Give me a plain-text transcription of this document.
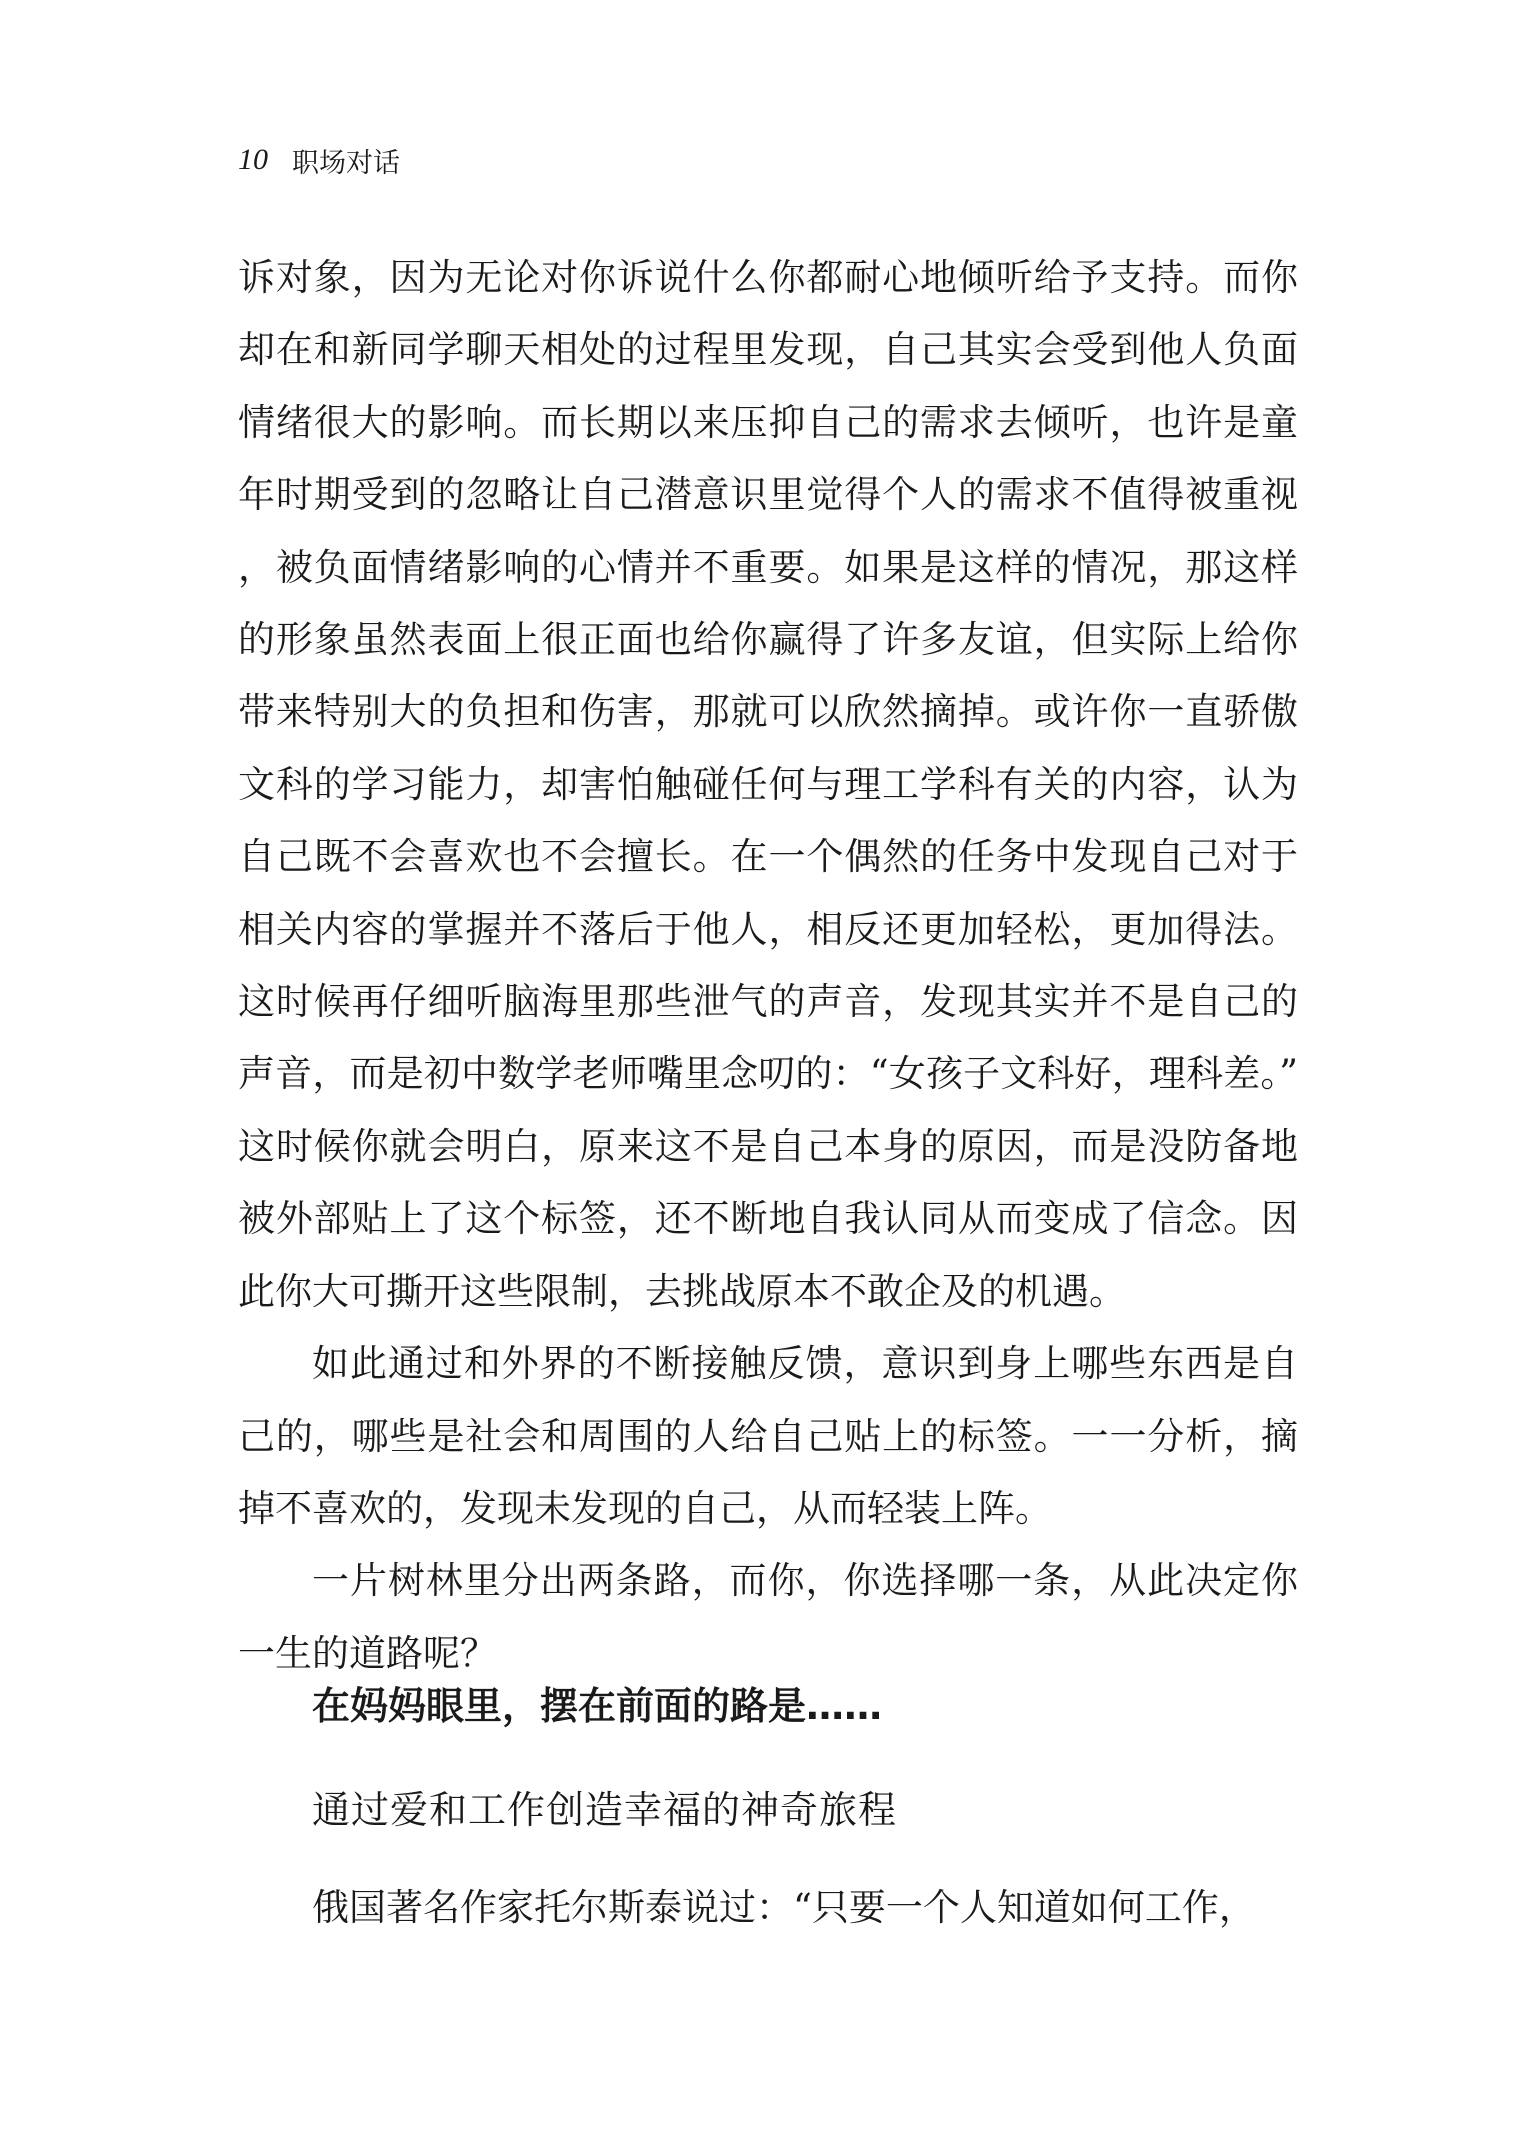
10 职场对话

诉对象，因为无论对你诉说什么你都耐心地倾听给予支持。而你却在和新同学聊天相处的过程里发现，自己其实会受到他人负面情绪很大的影响。而长期以来压抑自己的需求去倾听，也许是童年时期受到的忽略让自己潜意识里觉得个人的需求不值得被重视，被负面情绪影响的心情并不重要。如果是这样的情况，那这样的形象虽然表面上很正面也给你赢得了许多友谊，但实际上给你带来特别大的负担和伤害，那就可以欣然摘掉。或许你一直骄傲文科的学习能力，却害怕触碰任何与理工学科有关的内容，认为自己既不会喜欢也不会擅长。在一个偶然的任务中发现自己对于相关内容的掌握并不落后于他人，相反还更加轻松，更加得法。这时候再仔细听脑海里那些泄气的声音，发现其实并不是自己的声音，而是初中数学老师嘴里念叨的：“女孩子文科好，理科差。”这时候你就会明白，原来这不是自己本身的原因，而是没防备地被外部贴上了这个标签，还不断地自我认同从而变成了信念。因此你大可撕开这些限制，去挑战原本不敢企及的机遇。

如此通过和外界的不断接触反馈，意识到身上哪些东西是自己的，哪些是社会和周围的人给自己贴上的标签。一一分析，摘掉不喜欢的，发现未发现的自己，从而轻装上阵。

一片树林里分出两条路，而你，你选择哪一条，从此决定你一生的道路呢？

在妈妈眼里，摆在前面的路是……
通过爱和工作创造幸福的神奇旅程

俄国著名作家托尔斯泰说过：“只要一个人知道如何工作，
